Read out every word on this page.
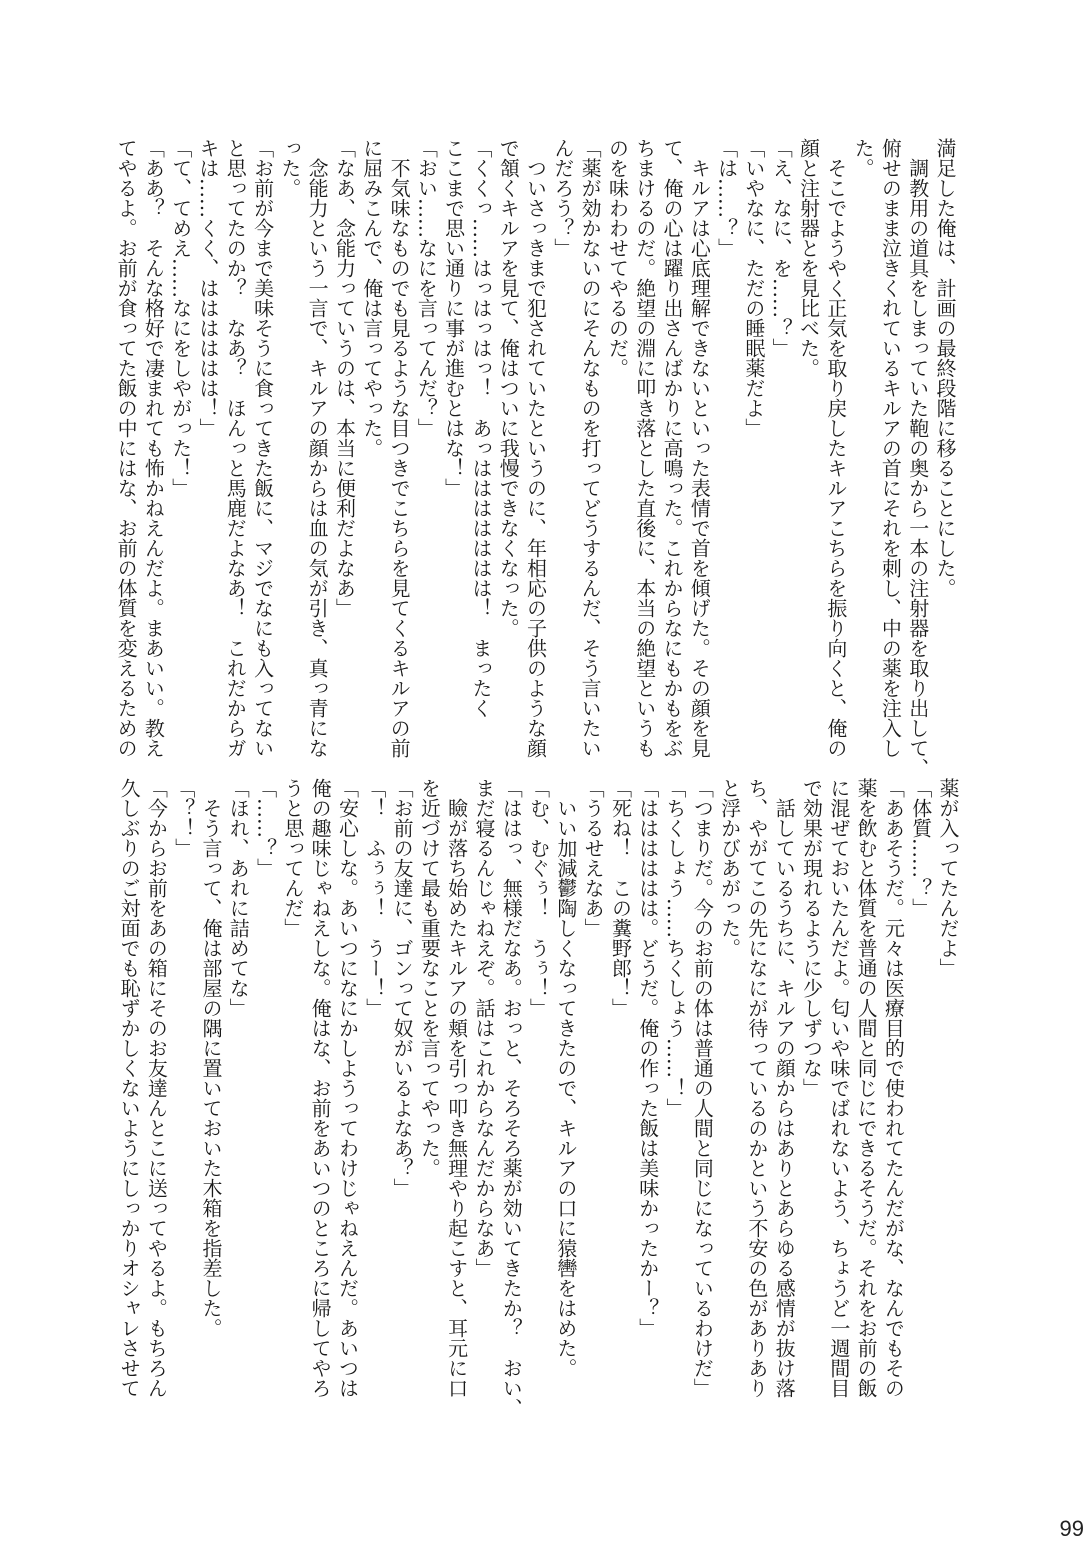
満足した俺は、計画の最終段階に移ることにした。
　調教用の道具をしまっていた鞄の奥から一本の注射器を取り出して、
俯せのまま泣きくれているキルアの首にそれを刺し、中の薬を注入し
た。
　そこでようやく正気を取り戻したキルアこちらを振り向くと、俺の
顔と注射器とを見比べた。
「え、なに、を……？」
「いやなに、ただの睡眠薬だよ」
「は……？」
　キルアは心底理解できないといった表情で首を傾げた。その顔を見
て、俺の心は躍り出さんばかりに高鳴った。これからなにもかもをぶ
ちまけるのだ。絶望の淵に叩き落とした直後に、本当の絶望というも
のを味わわせてやるのだ。
「薬が効かないのにそんなものを打ってどうするんだ、そう言いたい
んだろう？」
　ついさっきまで犯されていたというのに、年相応の子供のような顔
で頷くキルアを見て、俺はついに我慢できなくなった。
「くくっ……はっはっはっ！　あっははははははは！　まったく
ここまで思い通りに事が進むとはな！」
「おい……なにを言ってんだ？」
　不気味なものでも見るような目つきでこちらを見てくるキルアの前
に屈みこんで、俺は言ってやった。
「なあ、念能力っていうのは、本当に便利だよなあ」
　念能力という一言で、キルアの顔からは血の気が引き、真っ青にな
った。
「お前が今まで美味そうに食ってきた飯に、マジでなにも入ってない
と思ってたのか？　なあ？　ほんっと馬鹿だよなあ！　これだからガ
キは……くく、はははははは！」
「て、てめえ……なにをしやがった！」
「ああ？　そんな格好で凄まれても怖かねえんだよ。まあいい。教え
てやるよ。お前が食ってた飯の中にはな、お前の体質を変えるための
薬が入ってたんだよ」
「体質……？」
「ああそうだ。元々は医療目的で使われてたんだがな、なんでもその
薬を飲むと体質を普通の人間と同じにできるそうだ。それをお前の飯
に混ぜておいたんだよ。匂いや味でばれないよう、ちょうど一週間目
で効果が現れるように少しずつな」
　話しているうちに、キルアの顔からはありとあらゆる感情が抜け落
ち、やがてこの先になにが待っているのかという不安の色がありあり
と浮かびあがった。
「つまりだ。今のお前の体は普通の人間と同じになっているわけだ」
「ちくしょう……ちくしょう……！」
「はははははは。どうだ。俺の作った飯は美味かったかー？」
「死ね！　この糞野郎！」
「うるせえなあ」
　いい加減鬱陶しくなってきたので、キルアの口に猿轡をはめた。
「む、むぐぅ！　うぅ！」
「ははっ、無様だなあ。おっと、そろそろ薬が効いてきたか？　おい、
まだ寝るんじゃねえぞ。話はこれからなんだからなあ」
　瞼が落ち始めたキルアの頬を引っ叩き無理やり起こすと、耳元に口
を近づけて最も重要なことを言ってやった。
「お前の友達に、ゴンって奴がいるよなあ？」
「！　ふぅぅ！　うー！」
「安心しな。あいつになにかしようってわけじゃねえんだ。あいつは
俺の趣味じゃねえしな。俺はな、お前をあいつのところに帰してやろ
うと思ってんだ」
「……？」
「ほれ、あれに詰めてな」
　そう言って、俺は部屋の隅に置いておいた木箱を指差した。
「？！」
「今からお前をあの箱にそのお友達んとこに送ってやるよ。もちろん
久しぶりのご対面でも恥ずかしくないようにしっかりオシャレさせて
99
